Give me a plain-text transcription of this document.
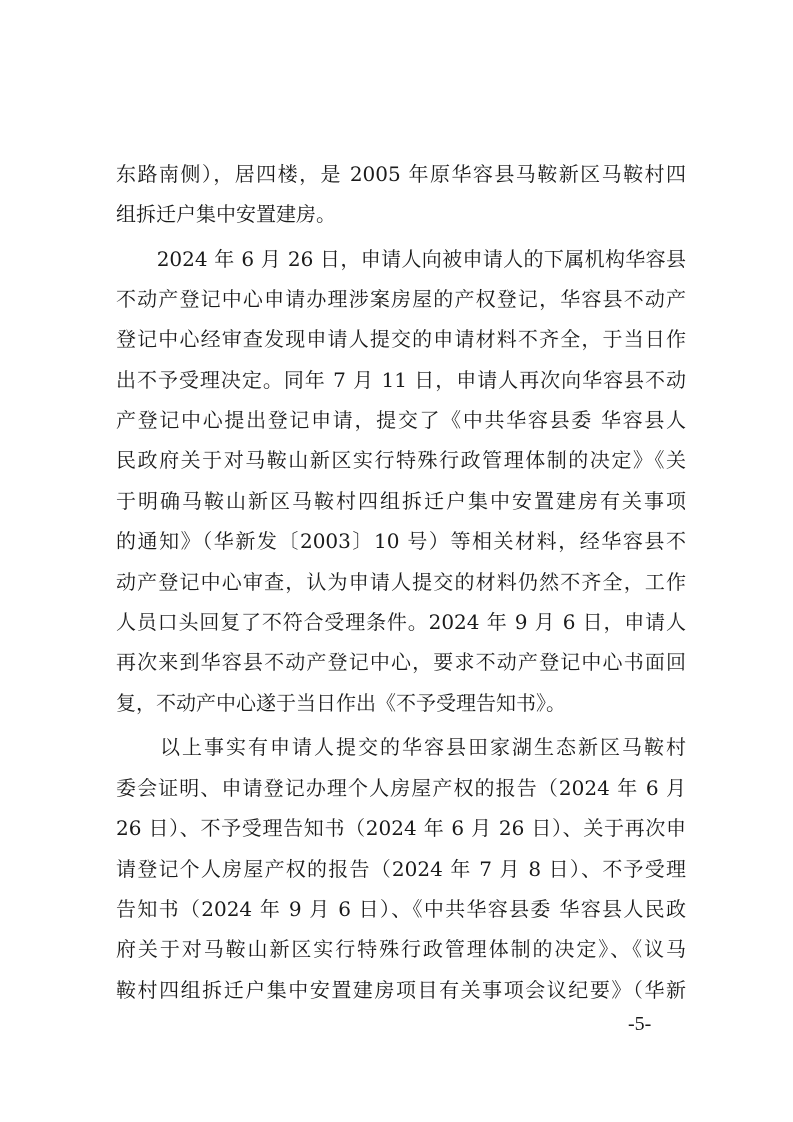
东路南侧），居四楼，是 2005 年原华容县马鞍新区马鞍村四
组拆迁户集中安置建房。
　　2024 年 6 月 26 日，申请人向被申请人的下属机构华容县
不动产登记中心申请办理涉案房屋的产权登记，华容县不动产
登记中心经审查发现申请人提交的申请材料不齐全，于当日作
出不予受理决定。同年 7 月 11 日，申请人再次向华容县不动
产登记中心提出登记申请，提交了《中共华容县委 华容县人
民政府关于对马鞍山新区实行特殊行政管理体制的决定》《关
于明确马鞍山新区马鞍村四组拆迁户集中安置建房有关事项
的通知》（华新发〔2003〕10 号）等相关材料，经华容县不
动产登记中心审查，认为申请人提交的材料仍然不齐全，工作
人员口头回复了不符合受理条件。2024 年 9 月 6 日，申请人
再次来到华容县不动产登记中心，要求不动产登记中心书面回
复，不动产中心遂于当日作出《不予受理告知书》。
　　以上事实有申请人提交的华容县田家湖生态新区马鞍村
委会证明、申请登记办理个人房屋产权的报告（2024 年 6 月
26 日）、不予受理告知书（2024 年 6 月 26 日）、关于再次申
请登记个人房屋产权的报告（2024 年 7 月 8 日）、不予受理
告知书（2024 年 9 月 6 日）、《中共华容县委 华容县人民政
府关于对马鞍山新区实行特殊行政管理体制的决定》、《议马
鞍村四组拆迁户集中安置建房项目有关事项会议纪要》（华新
-5-
